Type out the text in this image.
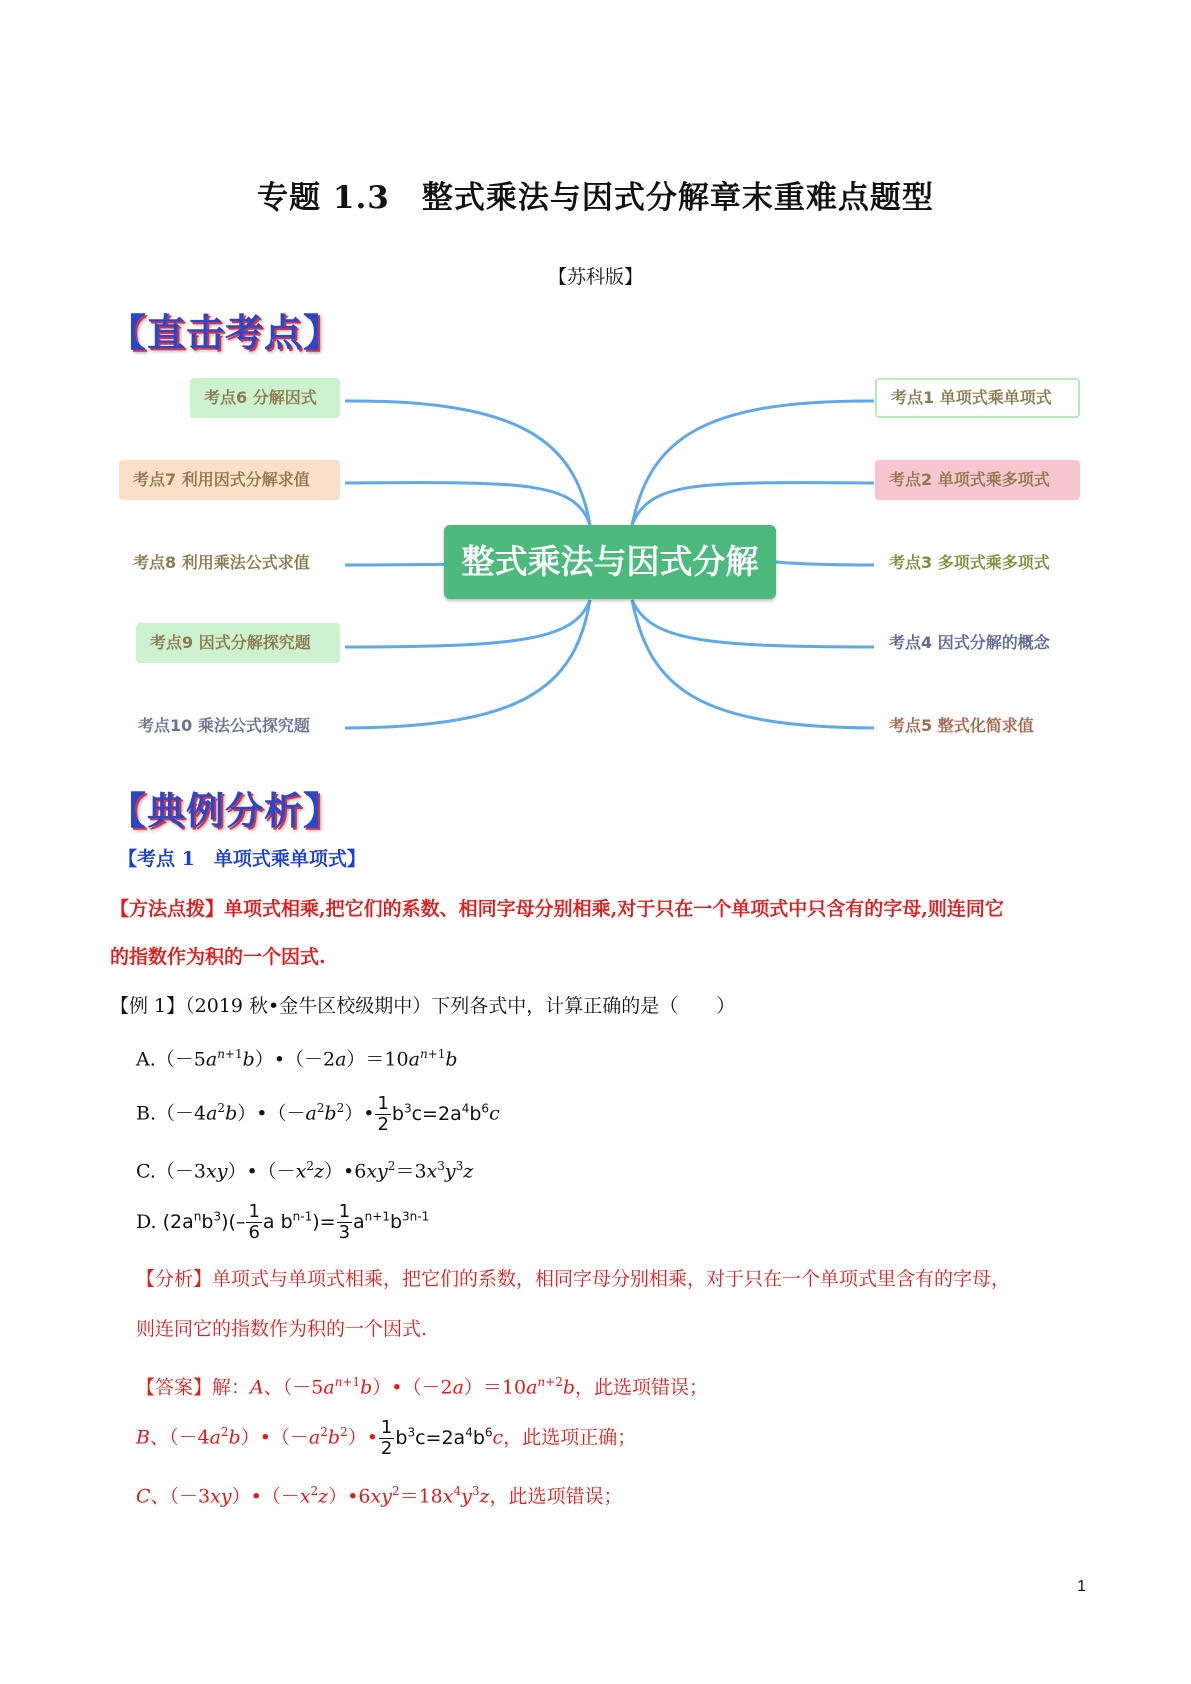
专题 1.3　整式乘法与因式分解章末重难点题型
【苏科版】
【直击考点】
整式乘法与因式分解
考点6 分解因式
考点7 利用因式分解求值
考点8 利用乘法公式求值
考点9 因式分解探究题
考点10 乘法公式探究题
考点1 单项式乘单项式
考点2 单项式乘多项式
考点3 多项式乘多项式
考点4 因式分解的概念
考点5 整式化简求值
【典例分析】
【考点 1　单项式乘单项式】
【方法点拨】单项式相乘,把它们的系数、相同字母分别相乘,对于只在一个单项式中只含有的字母,则连同它
的指数作为积的一个因式.
【例 1】（2019 秋•金牛区校级期中）下列各式中，计算正确的是（　　）
$A.(-5a^{n+1}b)•(-2a)=10a^{n+1}b$
$B.(-4a^2b)•(-a^2b^2)• \frac{1}{2} b^3c=2a^4b^6c$
$C.(-3xy)•(-x^2z)•6xy^2=3x^3y^3z$
D. $(2a^nb^3)(- \frac{1}{6}$ a $b^{n-1})= \frac{1}{3} a^{n+1}b^{3n-1}$
【分析】单项式与单项式相乘，把它们的系数，相同字母分别相乘，对于只在一个单项式里含有的字母，
则连同它的指数作为积的一个因式.
【答案】解：A、$(-5a^{n+1}b)•(-2a)=10a^{n+2}b$，此选项错误；
B、$(-4a^2b)•(-a^2b^2)• \frac{1}{2} b^3c=2a^4b^6c$，此选项正确；
C、$(-3xy)•(-x^2z)•6xy^2=18x^4y^3z$，此选项错误；
1
